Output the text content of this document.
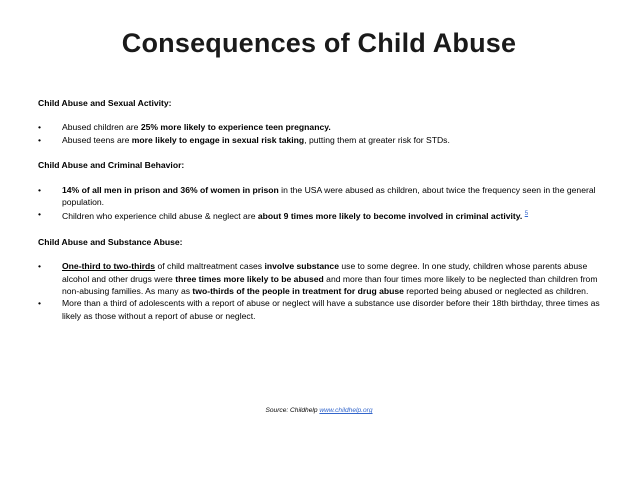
Consequences of Child Abuse

Child Abuse and Sexual Activity:

•	Abused children are 25% more likely to experience teen pregnancy.
•	Abused teens are more likely to engage in sexual risk taking, putting them at greater risk for STDs.

Child Abuse and Criminal Behavior:

•	14% of all men in prison and 36% of women in prison in the USA were abused as children, about twice the frequency seen in the general population.
•	Children who experience child abuse & neglect are about 9 times more likely to become involved in criminal activity. $^5$

Child Abuse and Substance Abuse:

•	One-third to two-thirds of child maltreatment cases involve substance use to some degree. In one study, children whose parents abuse alcohol and other drugs were three times more likely to be abused and more than four times more likely to be neglected than children from non-abusing families. As many as two-thirds of the people in treatment for drug abuse reported being abused or neglected as children.
•	More than a third of adolescents with a report of abuse or neglect will have a substance use disorder before their 18th birthday, three times as likely as those without a report of abuse or neglect.
Source: Childhelp www.childhelp.org
